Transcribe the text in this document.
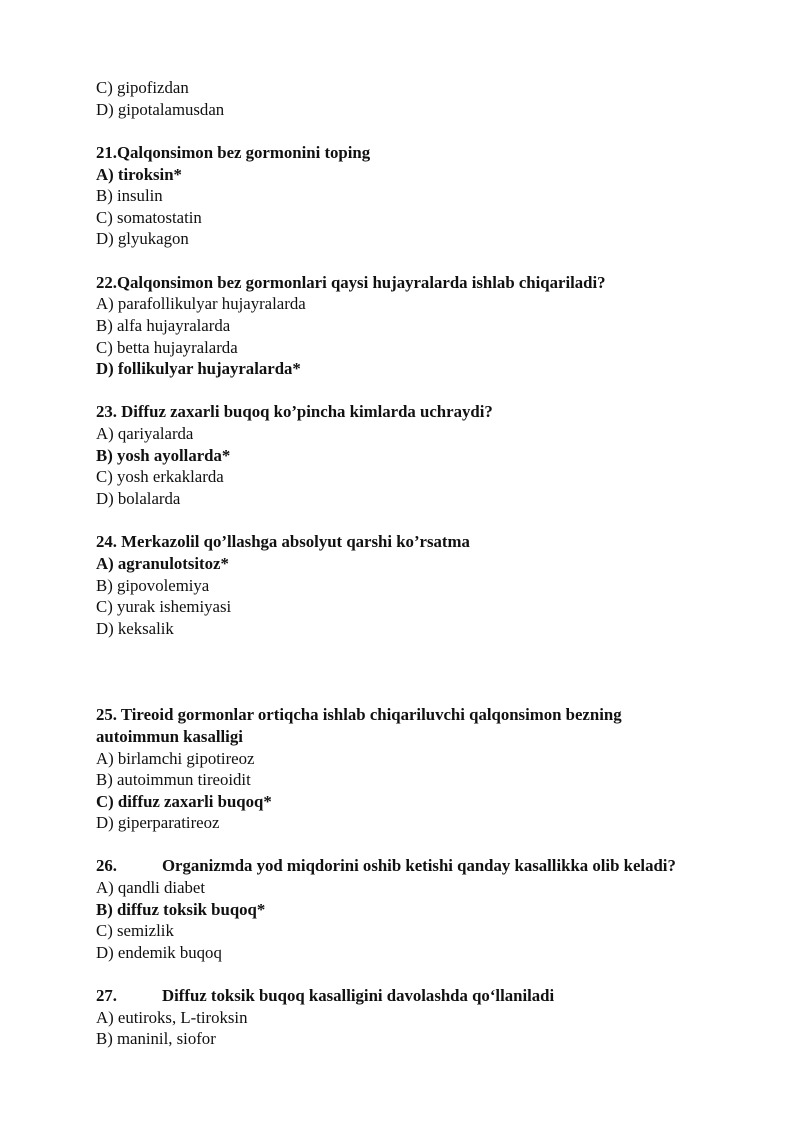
C) gipofizdan
D) gipotalamusdan
21.Qalqonsimon bez gormonini toping
A) tiroksin*
B) insulin
C) somatostatin
D) glyukagon
22.Qalqonsimon bez gormonlari qaysi hujayralarda ishlab chiqariladi?
A) parafollikulyar hujayralarda
B) alfa hujayralarda
C) betta hujayralarda
D) follikulyar hujayralarda*
23. Diffuz zaxarli buqoq ko’pincha kimlarda uchraydi?
A) qariyalarda
B) yosh ayollarda*
C) yosh erkaklarda
D) bolalarda
24. Merkazolil qo’llashga absolyut qarshi ko’rsatma
A) agranulotsitoz*
B) gipovolemiya
C) yurak ishemiyasi
D) keksalik
25. Tireoid gormonlar ortiqcha ishlab chiqariluvchi qalqonsimon bezning
autoimmun kasalligi
A) birlamchi gipotireoz
B) autoimmun tireoidit
C) diffuz zaxarli buqoq*
D) giperparatireoz
26.	Organizmda yod miqdorini oshib ketishi qanday kasallikka olib keladi?
A) qandli diabet
B) diffuz toksik buqoq*
C) semizlik
D) endemik buqoq
27.	Diffuz toksik buqoq kasalligini davolashda qo‘llaniladi
A) eutiroks, L-tiroksin
B) maninil, siofor
